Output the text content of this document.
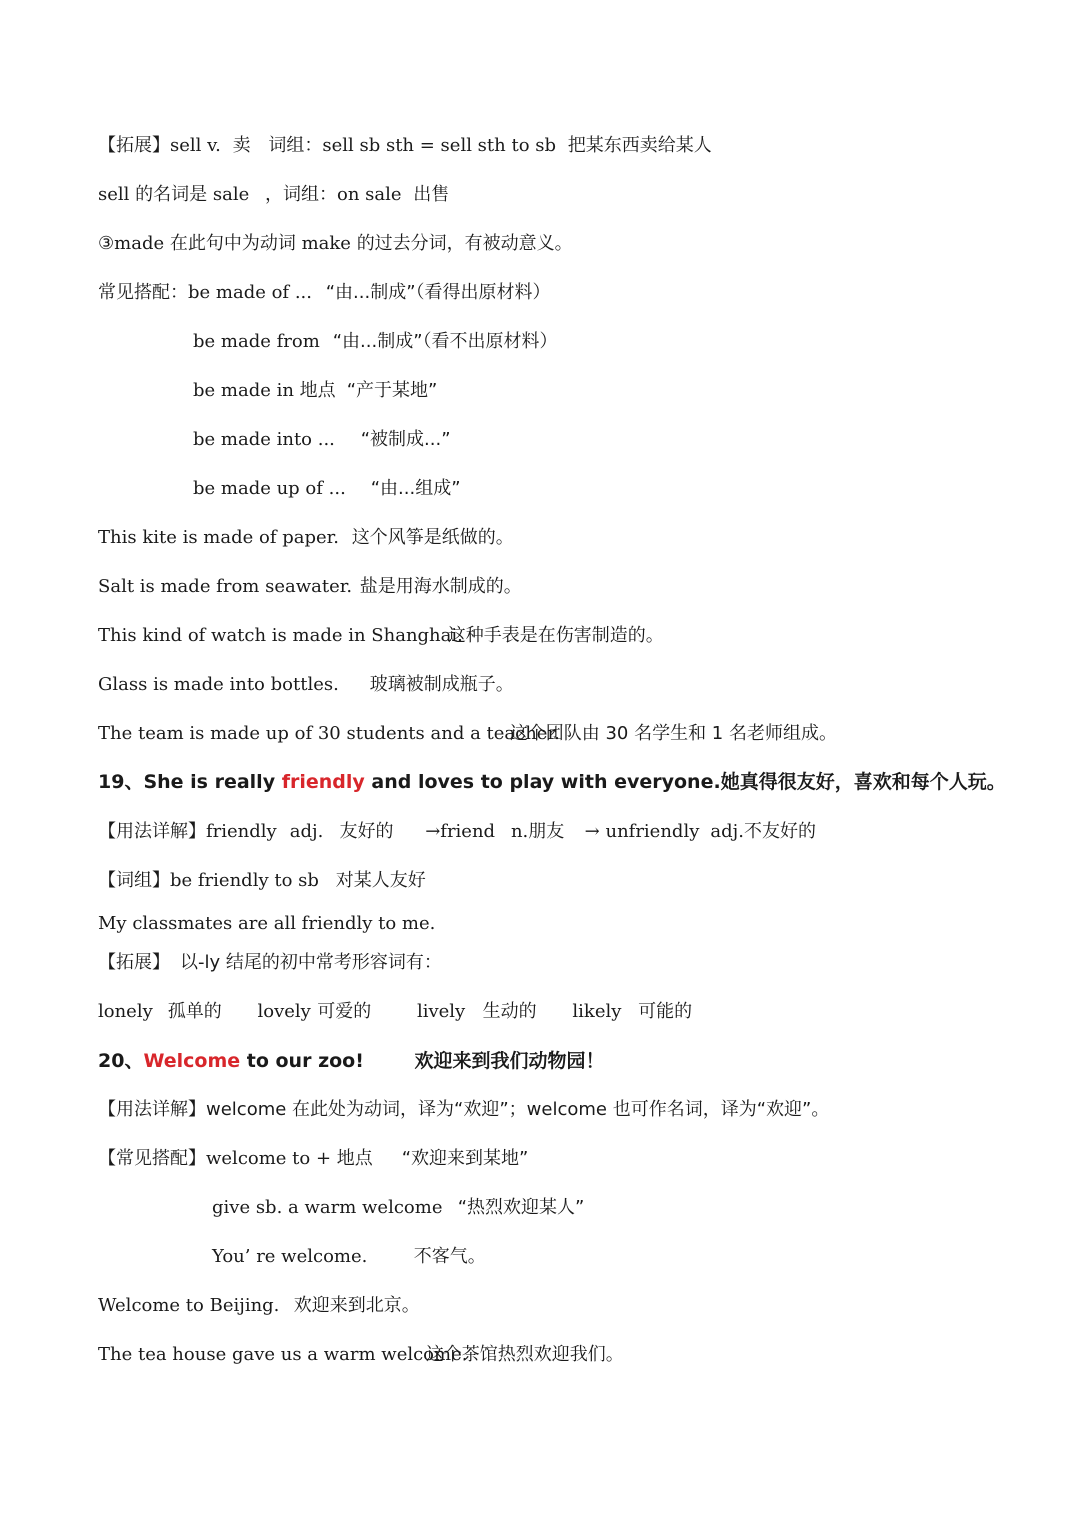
【拓展】sell v. 卖 词组：sell sb sth = sell sth to sb 把某东西卖给某人
sell 的名词是 sale ，词组：on sale 出售
③made 在此句中为动词 make 的过去分词，有被动意义。
常见搭配：be made of ... “由...制成”（看得出原材料）
be made from “由...制成”（看不出原材料）
be made in 地点 “产于某地”
be made into ... “被制成...”
be made up of ... “由...组成”
This kite is made of paper. 这个风筝是纸做的。
Salt is made from seawater. 盐是用海水制成的。
This kind of watch is made in Shanghai. 这种手表是在伤害制造的。
Glass is made into bottles. 玻璃被制成瓶子。
The team is made up of 30 students and a teacher. 这个团队由 30 名学生和 1 名老师组成。
19、She is really friendly and loves to play with everyone.她真得很友好，喜欢和每个人玩。
【用法详解】friendly adj. 友好的 →friend n.朋友 → unfriendly adj.不友好的
【词组】be friendly to sb 对某人友好
My classmates are all friendly to me.
【拓展】 以-ly 结尾的初中常考形容词有：
lonely 孤单的 lovely 可爱的	lively 生动的 likely 可能的
20、Welcome to our zoo!	欢迎来到我们动物园！
【用法详解】welcome 在此处为动词，译为“欢迎”；welcome 也可作名词，译为“欢迎”。
【常见搭配】welcome to + 地点 “欢迎来到某地”
give sb. a warm welcome “热烈欢迎某人”
You’ re welcome.	不客气。
Welcome to Beijing. 欢迎来到北京。
The tea house gave us a warm welcome. 这个茶馆热烈欢迎我们。
